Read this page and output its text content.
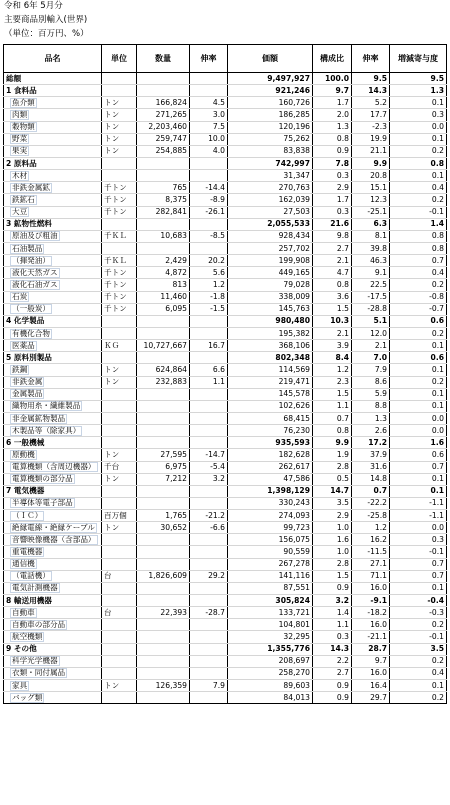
令和 6年 5月分
主要商品別輸入(世界)
（単位：百万円、%）
品名	単位	数量	伸率	価額	構成比	伸率	増減寄与度
総額				9,497,927	100.0	9.5	9.5
1 食料品				921,246	9.7	14.3	1.3
魚介類	トン	166,824	4.5	160,726	1.7	5.2	0.1
肉類	トン	271,265	3.0	186,285	2.0	17.7	0.3
穀物類	トン	2,203,460	7.5	120,196	1.3	-2.3	0.0
野菜	トン	259,747	10.0	75,262	0.8	19.9	0.1
果実	トン	254,885	4.0	83,838	0.9	21.1	0.2
2 原料品				742,997	7.8	9.9	0.8
木材				31,347	0.3	20.8	0.1
非鉄金属鉱	千トン	765	-14.4	270,763	2.9	15.1	0.4
鉄鉱石	千トン	8,375	-8.9	162,039	1.7	12.3	0.2
大豆	千トン	282,841	-26.1	27,503	0.3	-25.1	-0.1
3 鉱物性燃料				2,055,533	21.6	6.3	1.4
原油及び粗油	千ＫＬ	10,683	-8.5	928,434	9.8	8.1	0.8
石油製品				257,702	2.7	39.8	0.8
（揮発油）	千ＫＬ	2,429	20.2	199,908	2.1	46.3	0.7
液化天然ガス	千トン	4,872	5.6	449,165	4.7	9.1	0.4
液化石油ガス	千トン	813	1.2	79,028	0.8	22.5	0.2
石炭	千トン	11,460	-1.8	338,009	3.6	-17.5	-0.8
（一般炭）	千トン	6,095	-1.5	145,763	1.5	-28.8	-0.7
4 化学製品				980,480	10.3	5.1	0.6
有機化合物				195,382	2.1	12.0	0.2
医薬品	ＫＧ	10,727,667	16.7	368,106	3.9	2.1	0.1
5 原料別製品				802,348	8.4	7.0	0.6
鉄鋼	トン	624,864	6.6	114,569	1.2	7.9	0.1
非鉄金属	トン	232,883	1.1	219,471	2.3	8.6	0.2
金属製品				145,578	1.5	5.9	0.1
織物用糸・繊維製品				102,626	1.1	8.8	0.1
非金属鉱物製品				68,415	0.7	1.3	0.0
木製品等（除家具）				76,230	0.8	2.6	0.0
6 一般機械				935,593	9.9	17.2	1.6
原動機	トン	27,595	-14.7	182,628	1.9	37.9	0.6
電算機類（含周辺機器）	千台	6,975	-5.4	262,617	2.8	31.6	0.7
電算機類の部分品	トン	7,212	3.2	47,586	0.5	14.8	0.1
7 電気機器				1,398,129	14.7	0.7	0.1
半導体等電子部品				330,243	3.5	-22.2	-1.1
（ＩＣ）	百万個	1,765	-21.2	274,093	2.9	-25.8	-1.1
絶縁電線・絶縁ケーブル	トン	30,652	-6.6	99,723	1.0	1.2	0.0
音響映像機器（含部品）				156,075	1.6	16.2	0.3
重電機器				90,559	1.0	-11.5	-0.1
通信機				267,278	2.8	27.1	0.7
（電話機）	台	1,826,609	29.2	141,116	1.5	71.1	0.7
電気計測機器				87,551	0.9	16.0	0.1
8 輸送用機器				305,824	3.2	-9.1	-0.4
自動車	台	22,393	-28.7	133,721	1.4	-18.2	-0.3
自動車の部分品				104,801	1.1	16.0	0.2
航空機類				32,295	0.3	-21.1	-0.1
9 その他				1,355,776	14.3	28.7	3.5
科学光学機器				208,697	2.2	9.7	0.2
衣類・同付属品				258,270	2.7	16.0	0.4
家具	トン	126,359	7.9	89,603	0.9	16.4	0.1
バッグ類				84,013	0.9	29.7	0.2
